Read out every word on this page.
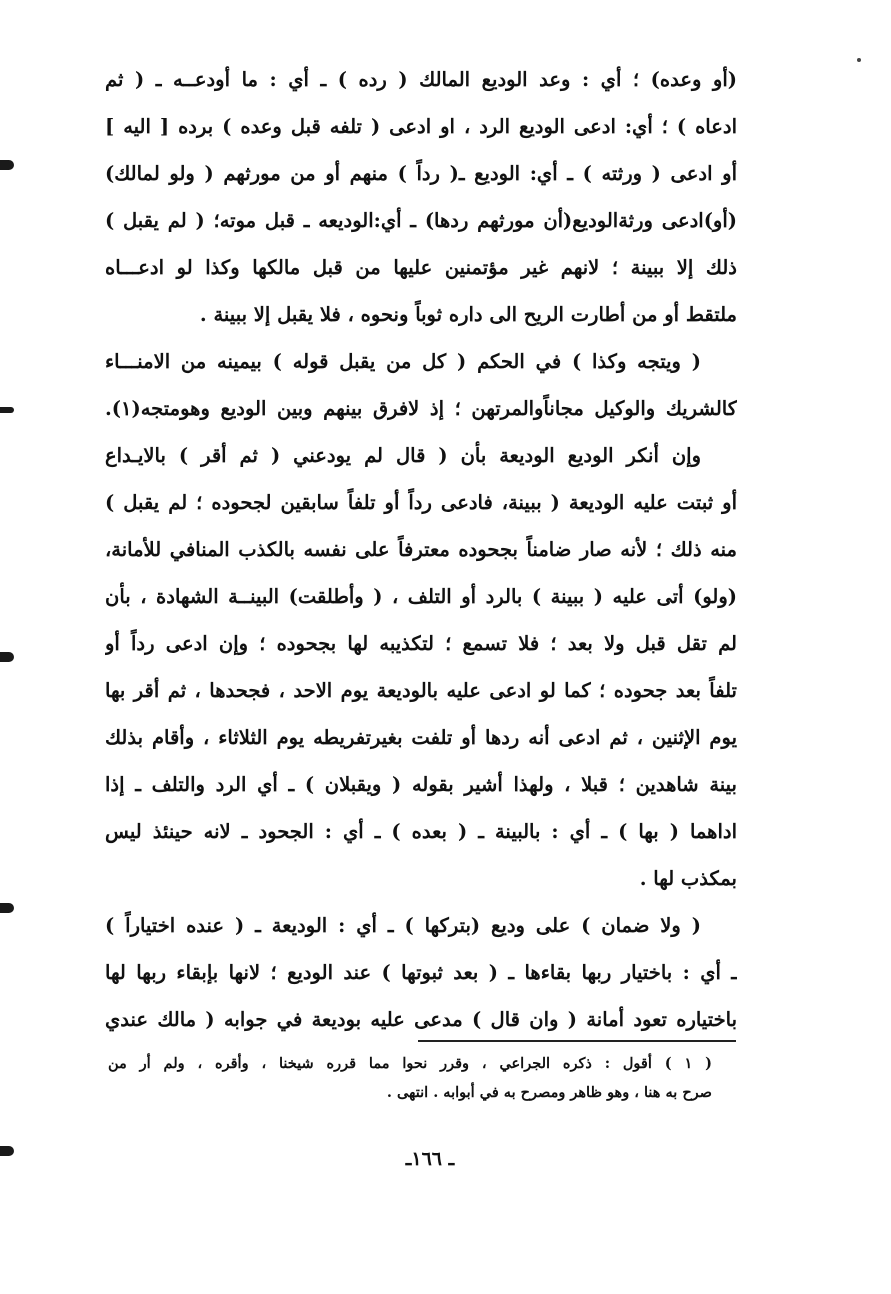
(أو وعده) ؛ أي : وعد الوديع المالك ( رده ) ـ أي : ما أودعــه ـ ( ثم
ادعاه ) ؛ أي: ادعى الوديع الرد ، او ادعى ( تلفه قبل وعده ) برده [ اليه ]
أو ادعى ( ورثته ) ـ أي: الوديع ـ( رداً ) منهم أو من مورثهم ( ولو لمالك)
(أو)ادعى ورثةالوديع(أن مورثهم ردها) ـ أي:الوديعه ـ قبل موته؛ ( لم يقبل )
ذلك إلا ببينة ؛ لانهم غير مؤتمنين عليها من قبل مالكها وكذا لو ادعـــاه
ملتقط أو من أطارت الريح الى داره ثوباً ونحوه ، فلا يقبل إلا ببينة .
( ويتجه وكذا ) في الحكم ( كل من يقبل قوله ) بيمينه من الامنـــاء
كالشريك والوكيل مجاناًوالمرتهن ؛ إذ لافرق بينهم وبين الوديع وهومتجه(١).
وإن أنكر الوديع الوديعة بأن ( قال لم يودعني ( ثم أقر ) بالايـداع
أو ثبتت عليه الوديعة ( ببينة، فادعى رداً أو تلفاً سابقين لجحوده ؛ لم يقبل )
منه ذلك ؛ لأنه صار ضامناً بجحوده معترفاً على نفسه بالكذب المنافي للأمانة،
(ولو) أتى عليه ( ببينة ) بالرد أو التلف ، ( وأطلقت) البينــة الشهادة ، بأن
لم تقل قبل ولا بعد ؛ فلا تسمع ؛ لتكذيبه لها بجحوده ؛ وإن ادعى رداً أو
تلفاً بعد جحوده ؛ كما لو ادعى عليه بالوديعة يوم الاحد ، فجحدها ، ثم أقر بها
يوم الإثنين ، ثم ادعى أنه ردها أو تلفت بغيرتفريطه يوم الثلاثاء ، وأقام بذلك
بينة شاهدين ؛ قبلا ، ولهذا أشير بقوله ( ويقبلان ) ـ أي الرد والتلف ـ إذا
اداهما ( بها ) ـ أي : بالبينة ـ ( بعده ) ـ أي : الجحود ـ لانه حينئذ ليس
بمكذب لها .
( ولا ضمان ) على وديع (بتركها ) ـ أي : الوديعة ـ ( عنده اختياراً )
ـ أي : باختيار ربها بقاءها ـ ( بعد ثبوتها ) عند الوديع ؛ لانها بإبقاء ربها لها
باختياره تعود أمانة ( وان قال ) مدعى عليه بوديعة في جوابه ( مالك عندي
( ١ ) أقول : ذكره الجراعي ، وقرر نحوا مما قرره شيخنا ، وأقره ، ولم أر من
صرح به هنا ، وهو ظاهر ومصرح به في أبوابه . انتهى .
ـ ١٦٦ـ
